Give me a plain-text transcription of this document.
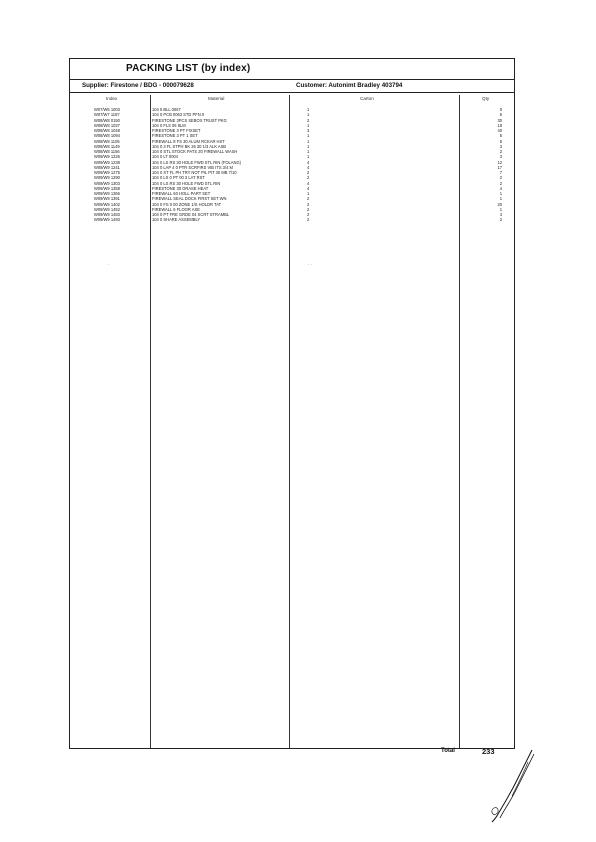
PACKING LIST (by index)
Supplier: Firestone / BDG - 000079628	Customer: Autonimt Bradley 403794
Index	Material	Carton	Qty
W07/W6 1003	104 5 BLL 0067	1	0
W07/W7 1187	104 0 PCB 0063 STD PFN 0	1	6
W08/W8 0150	FIRESTONE 3PCS SEBOX TRUST PKG	2	30
W08/W8 1037	104 0 FLS 05 8LM	1	18
W08/W8 1048	FIRESTONE 3 PT FIXSET	3	40
W08/W8 1094	FIRESTONE 3 PT 1 SET	1	5
W08/W8 1105	FIREWALL 8 FS 30 ALUM RCKAR HST	1	5
W08/W8 1149	104 0 3 FL STPH BK 26 30 1/3 ALK ASB	1	3
W08/W8 1156	104 0 STL STOCK PATS 20 FIREWALL WASH	1	2
W09/W9 1226	104 0 LT 0004	1	3
W09/W9 1238	104 0 LS RS 30 HOLE FWD STL RIN (FOLANG)	4	12
W09/W9 1241	104 0 LAP 4 0 PTR SCRFIRS VIB ITS 3/4 M	4	17
W09/W9 1275	104 0 ST FL PH TRY NOT PIL PIT 30 MB 7/10	2	7
W09/W9 1290	104 0 LS 0 PT 00 3 LAT RST	2	2
W09/W9 1303	104 0 LS RS 30 HOLE FWD STL RIN	4	2
W09/W9 1358	FIRESTONE 30 ORASE HEAT	4	4
W09/W9 1366	FIREWALL 60 HOLL PART SET	1	1
W09/W9 1391	FIREWALL SEAL DOCK FIRST SET WN	2	1
W09/W9 1402	104 0 FS 0 00 ZONE 1/S HOLDR TAT	2	20
W09/W9 1452	FIREWALL 6 FLOOR ASE	2	1
W09/W9 1483	104 0 PT FRE GRDE 04 SCRT STRAMBL	2	4
W09/W9 1493	104 0 SHARE ASSEMBLY	2	2
·	· ·
Total	233
